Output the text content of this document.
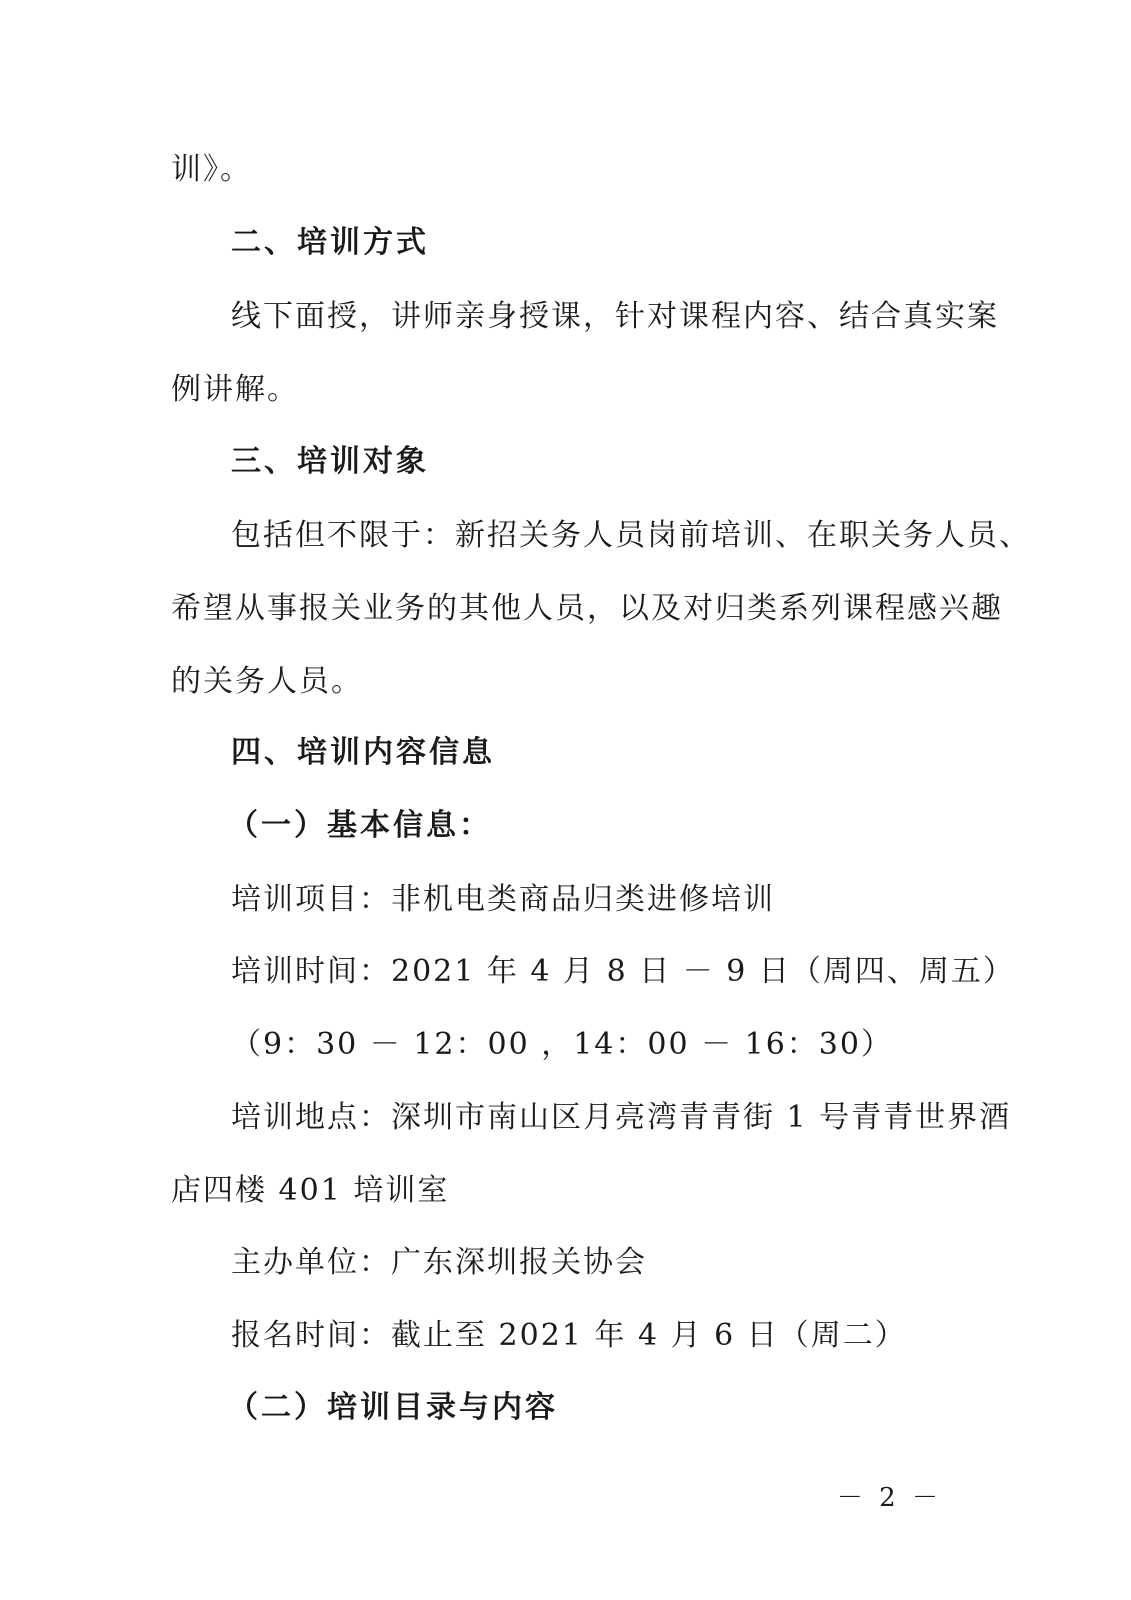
训》。
二、培训方式
线下面授，讲师亲身授课，针对课程内容、结合真实案
例讲解。
三、培训对象
包括但不限于：新招关务人员岗前培训、在职关务人员、
希望从事报关业务的其他人员，以及对归类系列课程感兴趣
的关务人员。
四、培训内容信息
（一）基本信息：
培训项目：非机电类商品归类进修培训
培训时间：2021 年 4 月 8 日 － 9 日（周四、周五）
（9：30 － 12：00 ，14：00 － 16：30）
培训地点：深圳市南山区月亮湾青青街 1 号青青世界酒
店四楼 401 培训室
主办单位：广东深圳报关协会
报名时间：截止至 2021 年 4 月 6 日（周二）
（二）培训目录与内容
－ 2 －
